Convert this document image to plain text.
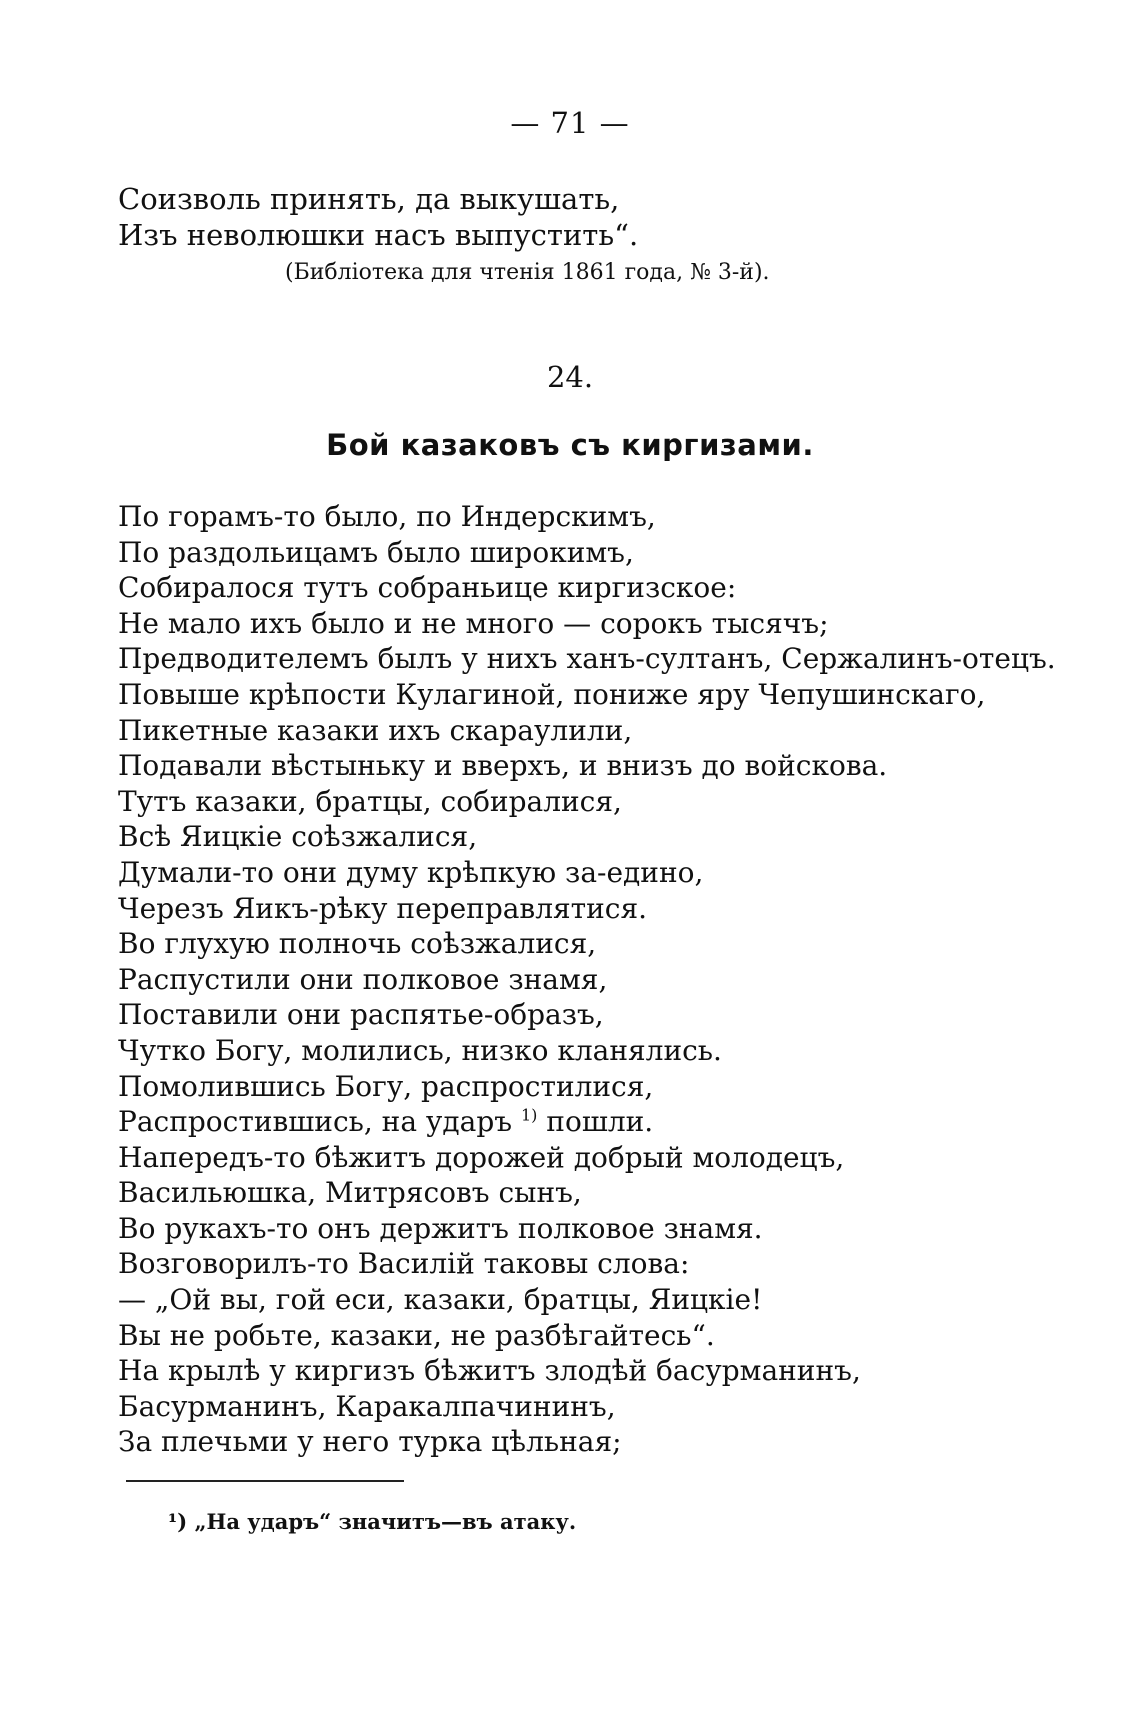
— 71 —
Соизволь принять, да выкушать,
Изъ неволюшки насъ выпустить“.
(Библіотека для чтенія 1861 года, № 3-й).
24.
Бой казаковъ съ киргизами.
По горамъ-то было, по Индерскимъ,
По раздольицамъ было широкимъ,
Собиралося тутъ собраньице киргизское:
Не мало ихъ было и не много — сорокъ тысячъ;
Предводителемъ былъ у нихъ ханъ-султанъ, Сержалинъ-отецъ.
Повыше крѣпости Кулагиной, пониже яру Чепушинскаго,
Пикетные казаки ихъ скараулили,
Подавали вѣстыньку и вверхъ, и внизъ до войскова.
Тутъ казаки, братцы, собиралися,
Всѣ Яицкіе соѣзжалися,
Думали-то они думу крѣпкую за-едино,
Черезъ Яикъ-рѣку переправлятися.
Во глухую полночь соѣзжалися,
Распустили они полковое знамя,
Поставили они распятье-образъ,
Чутко Богу, молились, низко кланялись.
Помолившись Богу, распростилися,
Распростившись, на ударъ $^{1)}$ пошли.
Напередъ-то бѣжитъ дорожей добрый молодецъ,
Васильюшка, Митрясовъ сынъ,
Во рукахъ-то онъ держитъ полковое знамя.
Возговорилъ-то Василій таковы слова:
— „Ой вы, гой еси, казаки, братцы, Яицкіе!
Вы не робьте, казаки, не разбѣгайтесь“.
На крылѣ у киргизъ бѣжитъ злодѣй басурманинъ,
Басурманинъ, Каракалпачининъ,
За плечьми у него турка цѣльная;
¹) „На ударъ“ значитъ—въ атаку.
